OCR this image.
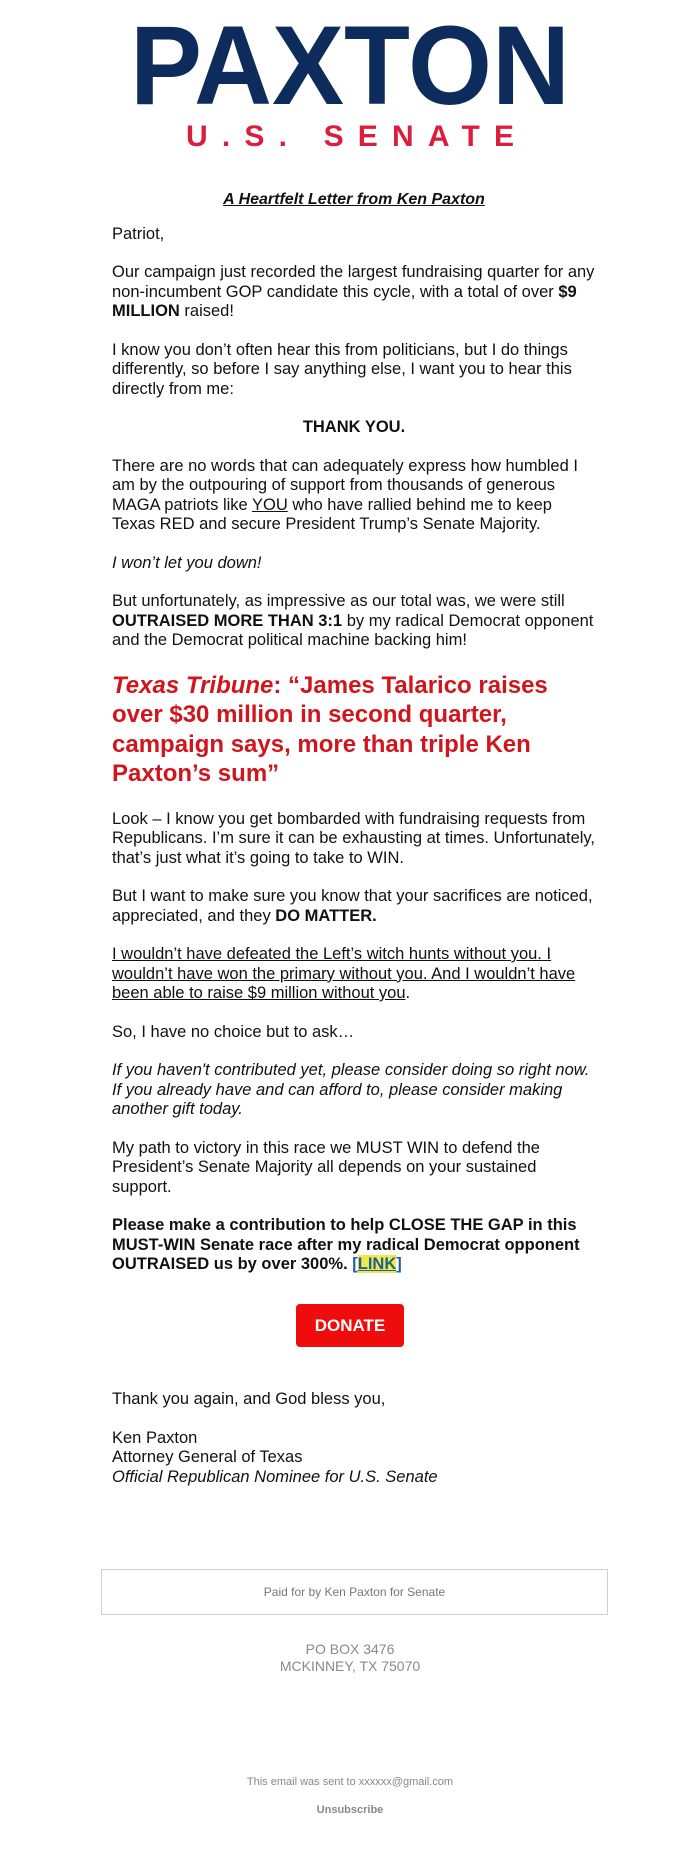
PAXTON
U.S. SENATE

A Heartfelt Letter from Ken Paxton

Patriot,

Our campaign just recorded the largest fundraising quarter for any non-incumbent GOP candidate this cycle, with a total of over $9 MILLION raised!

I know you don’t often hear this from politicians, but I do things differently, so before I say anything else, I want you to hear this directly from me:

THANK YOU.

There are no words that can adequately express how humbled I am by the outpouring of support from thousands of generous MAGA patriots like YOU who have rallied behind me to keep Texas RED and secure President Trump’s Senate Majority.

I won’t let you down!

But unfortunately, as impressive as our total was, we were still OUTRAISED MORE THAN 3:1 by my radical Democrat opponent and the Democrat political machine backing him!

Texas Tribune: “James Talarico raises over $30 million in second quarter, campaign says, more than triple Ken Paxton’s sum”

Look – I know you get bombarded with fundraising requests from Republicans. I’m sure it can be exhausting at times. Unfortunately, that’s just what it’s going to take to WIN.

But I want to make sure you know that your sacrifices are noticed, appreciated, and they DO MATTER.

I wouldn’t have defeated the Left’s witch hunts without you. I wouldn’t have won the primary without you. And I wouldn’t have been able to raise $9 million without you.

So, I have no choice but to ask…

If you haven't contributed yet, please consider doing so right now. If you already have and can afford to, please consider making another gift today.

My path to victory in this race we MUST WIN to defend the President’s Senate Majority all depends on your sustained support.

Please make a contribution to help CLOSE THE GAP in this MUST-WIN Senate race after my radical Democrat opponent OUTRAISED us by over 300%. [LINK]

DONATE

Thank you again, and God bless you,

Ken Paxton

Attorney General of Texas

Official Republican Nominee for U.S. Senate

Paid for by Ken Paxton for Senate
PO BOX 3476
MCKINNEY, TX 75070
This email was sent to xxxxxx@gmail.com
Unsubscribe
